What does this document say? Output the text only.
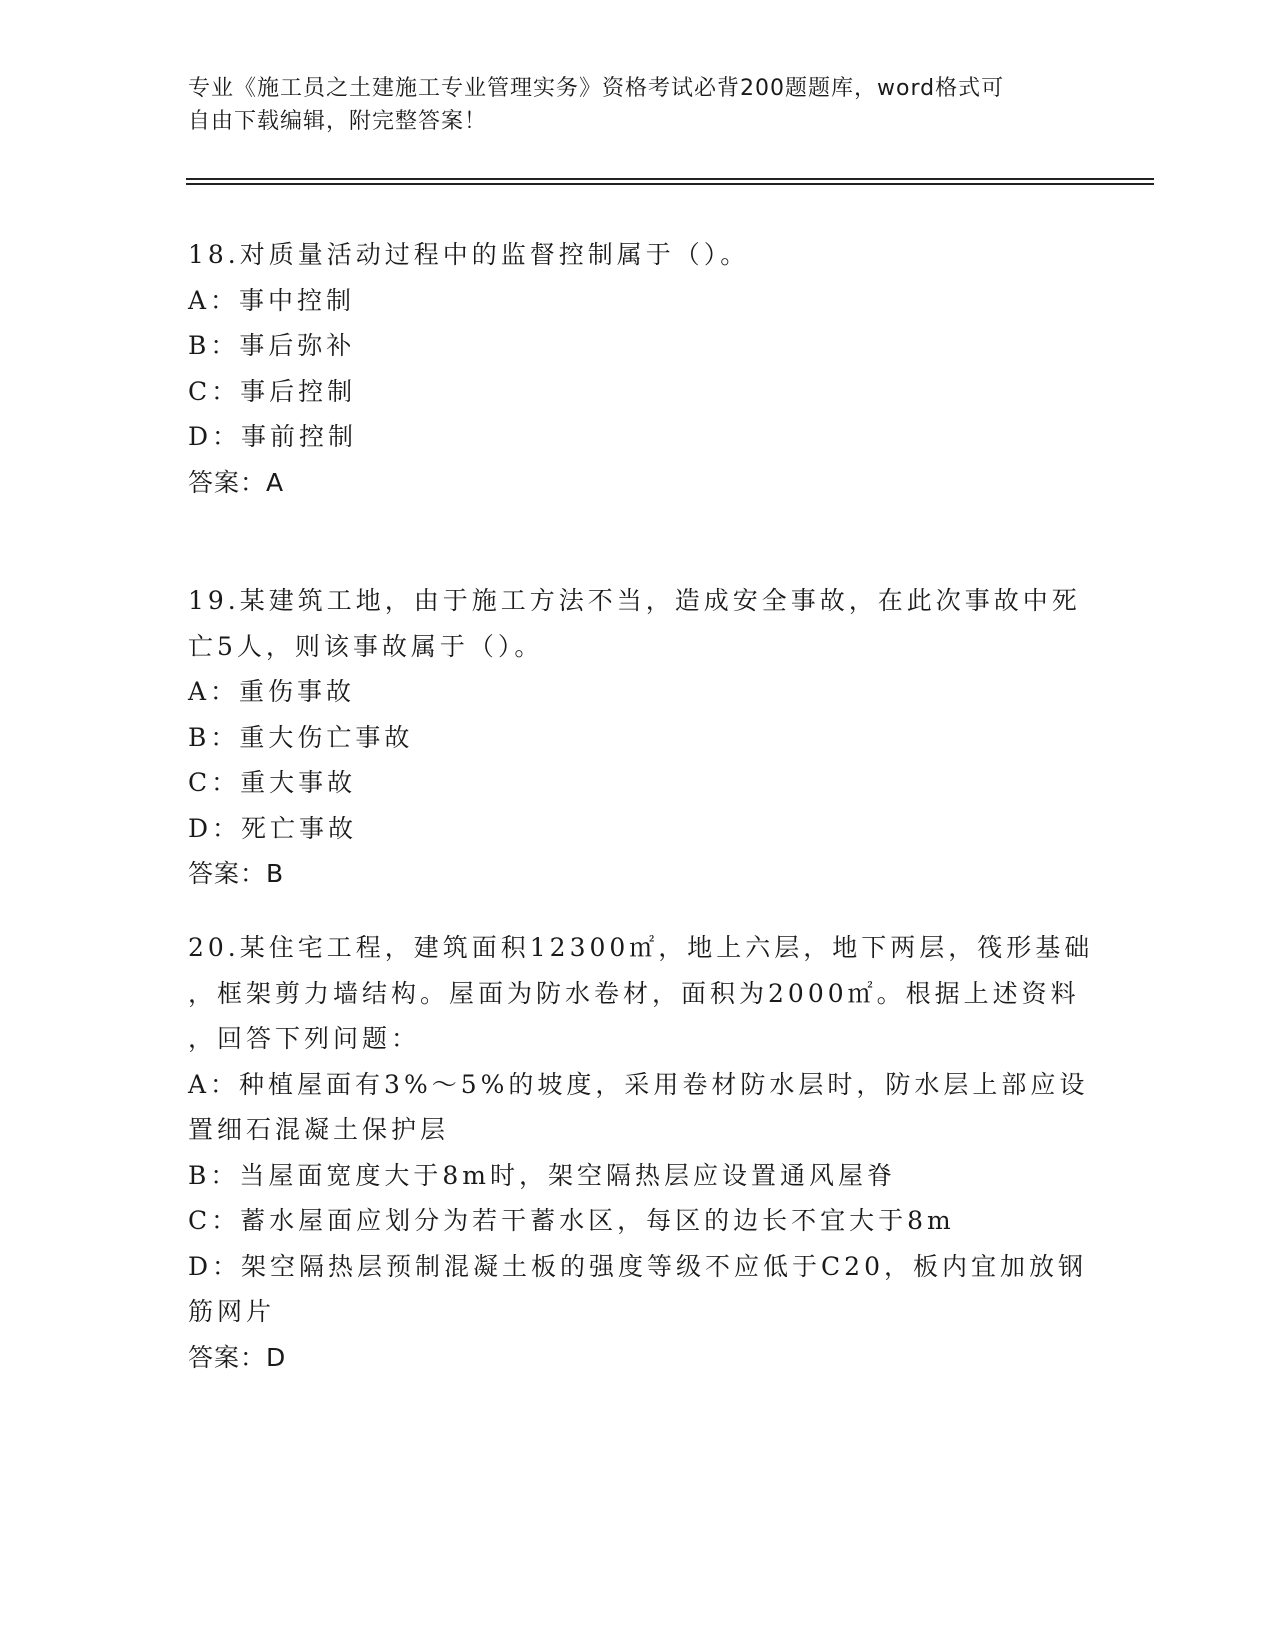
专业《施工员之土建施工专业管理实务》资格考试必背200题题库，word格式可
自由下载编辑，附完整答案！
18.对质量活动过程中的监督控制属于（）。
A：事中控制
B：事后弥补
C：事后控制
D：事前控制
答案：A
19.某建筑工地，由于施工方法不当，造成安全事故，在此次事故中死
亡5人，则该事故属于（）。
A：重伤事故
B：重大伤亡事故
C：重大事故
D：死亡事故
答案：B
20.某住宅工程，建筑面积12300㎡，地上六层，地下两层，筏形基础
，框架剪力墙结构。屋面为防水卷材，面积为2000㎡。根据上述资料
，回答下列问题：
A：种植屋面有3%～5%的坡度，采用卷材防水层时，防水层上部应设
置细石混凝土保护层
B：当屋面宽度大于8m时，架空隔热层应设置通风屋脊
C：蓄水屋面应划分为若干蓄水区，每区的边长不宜大于8m
D：架空隔热层预制混凝土板的强度等级不应低于C20，板内宜加放钢
筋网片
答案：D
